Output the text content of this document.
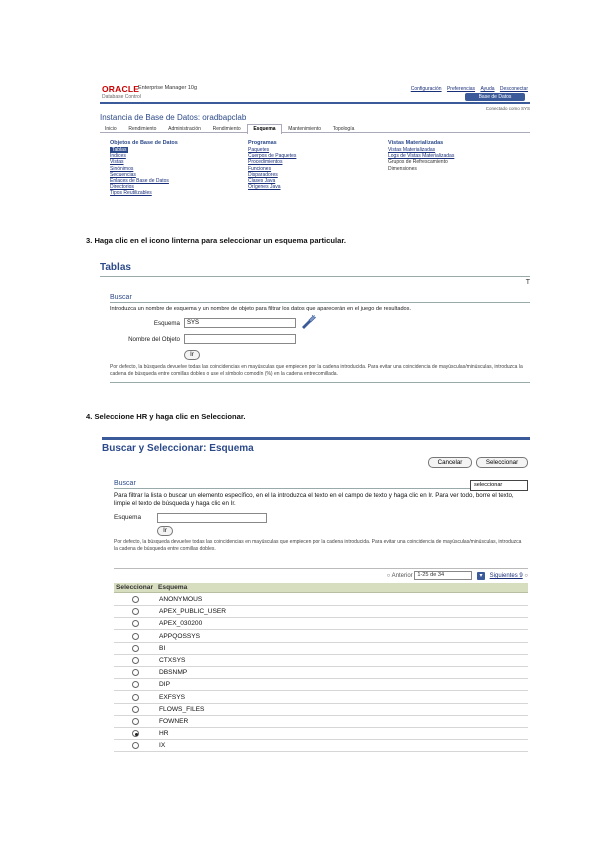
ORACLE
Enterprise Manager 10g
Database Control
Configuración Preferencias Ayuda Desconectar
Base de Datos
Conectado como SYS
Instancia de Base de Datos: oradbapclab
Inicio Rendimiento Administración Rendimiento	Esquema	Mantenimiento Topología
Objetos de Base de Datos
Tablas
Índices
Vistas
Sinónimos
Secuencias
Enlaces de Base de Datos
Directorios
Tipos Reutilizables
Programas
Paquetes
Cuerpos de Paquetes
Procedimientos
Funciones
Disparadores
Clases Java
Orígenes Java
Vistas Materializadas
Vistas Materializadas
Logs de Vistas Materializadas
Grupos de Refrescamiento
Dimensiones
3. Haga clic en el icono linterna para seleccionar un esquema particular.
Tablas
T
Buscar
Introduzca un nombre de esquema y un nombre de objeto para filtrar los datos que aparecerán en el juego de resultados.
Esquema	SYS
Nombre del Objeto
Ir
Por defecto, la búsqueda devuelve todas las coincidencias en mayúsculas que empiecen por la cadena introducida. Para evitar una coincidencia de mayúsculas/minúsculas, introduzca la cadena de búsqueda entre comillas dobles o use el símbolo comodín (%) en la cadena entrecomillada.
4. Seleccione HR y haga clic en Seleccionar.
Buscar y Seleccionar: Esquema
Cancelar	Seleccionar
Buscar	seleccionar
Para filtrar la lista o buscar un elemento específico, en el la introduzca el texto en el campo de texto y haga clic en Ir. Para ver todo, borre el texto, limpie el texto de búsqueda y haga clic en Ir.
Esquema
Ir
Por defecto, la búsqueda devuelve todas las coincidencias en mayúsculas que empiecen por la cadena introducida. Para evitar una coincidencia de mayúsculas/minúsculas, introduzca la cadena de búsqueda entre comillas dobles.
○ Anterior 1-25 de 34	▾ Siguientes 9 ○
Seleccionar Esquema
ANONYMOUS
APEX_PUBLIC_USER
APEX_030200
APPQOSSYS
BI
CTXSYS
DBSNMP
DIP
EXFSYS
FLOWS_FILES
FOWNER
HR
IX
